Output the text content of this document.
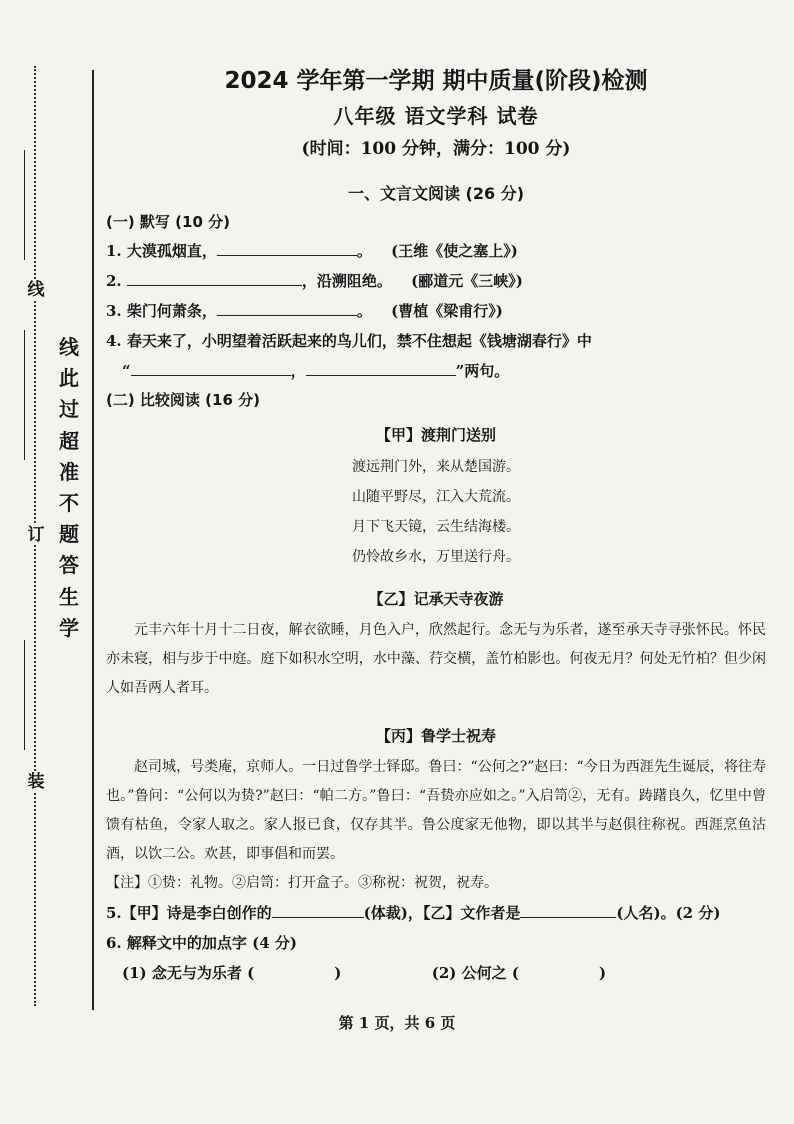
线
订
装
线
此
过
超
准
不
题
答
生
学
2024 学年第一学期 期中质量(阶段)检测
八年级 语文学科 试卷
(时间：100 分钟，满分：100 分)
一、文言文阅读 (26 分)
(一) 默写 (10 分)
1. 大漠孤烟直，	。 (王维《使之塞上》)
2.	，沿溯阻绝。 (郦道元《三峡》)
3. 柴门何萧条，	。 (曹植《梁甫行》)
4. 春天来了，小明望着活跃起来的鸟儿们，禁不住想起《钱塘湖春行》中
“	，	”两句。
(二) 比较阅读 (16 分)
【甲】渡荆门送别
渡远荆门外，来从楚国游。
山随平野尽，江入大荒流。
月下飞天镜，云生结海楼。
仍怜故乡水，万里送行舟。
【乙】记承天寺夜游

元丰六年十月十二日夜，解衣欲睡，月色入户，欣然起行。念无与为乐者，遂至承天寺寻张怀民。怀民亦未寝，相与步于中庭。庭下如积水空明，水中藻、荇交横，盖竹柏影也。何夜无月？何处无竹柏？但少闲人如吾两人者耳。

【丙】鲁学士祝寿

赵司城，号类庵，京师人。一日过鲁学士铎邸。鲁曰：“公何之?”赵曰：“今日为西涯先生诞辰，将往寿也。”鲁问：“公何以为贽?”赵曰：“帕二方。”鲁曰：“吾贽亦应如之。”入启笥②，无有。踌躇良久，忆里中曾馈有枯鱼，令家人取之。家人报已食，仅存其半。鲁公度家无他物，即以其半与赵俱往称祝。西涯烹鱼沽酒，以饮二公。欢甚，即事倡和而罢。

【注】①贽：礼物。②启笥：打开盒子。③称祝：祝贺，祝寿。

5.【甲】诗是李白创作的	(体裁)，【乙】文作者是	(人名)。(2 分)
6. 解释文中的加点字 (4 分)
(1) 念无与为乐者 (	)	(2) 公何之 (	)
第 1 页，共 6 页
